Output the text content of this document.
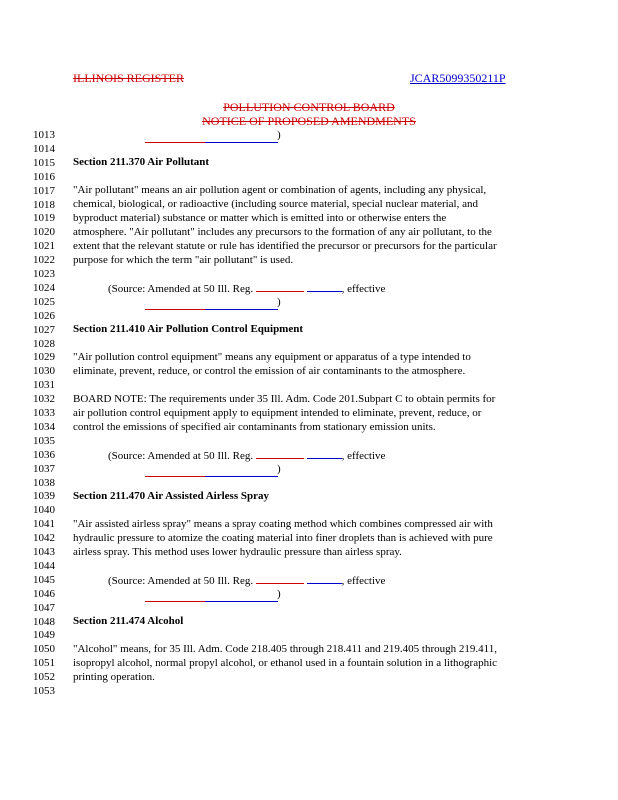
ILLINOIS REGISTER	JCAR5099350211P
POLLUTION CONTROL BOARD
NOTICE OF PROPOSED AMENDMENTS
1013
1014
1015
1016
1017
1018
1019
1020
1021
1022
1023
1024
1025
1026
1027
1028
1029
1030
1031
1032
1033
1034
1035
1036
1037
1038
1039
1040
1041
1042
1043
1044
1045
1046
1047
1048
1049
1050
1051
1052
1053
)
Section 211.370 Air Pollutant
"Air pollutant" means an air pollution agent or combination of agents, including any physical,
chemical, biological, or radioactive (including source material, special nuclear material, and
byproduct material) substance or matter which is emitted into or otherwise enters the
atmosphere. "Air pollutant" includes any precursors to the formation of any air pollutant, to the
extent that the relevant statute or rule has identified the precursor or precursors for the particular
purpose for which the term "air pollutant" is used.
(Source: Amended at 50 Ill. Reg.	, effective
)
Section 211.410 Air Pollution Control Equipment
"Air pollution control equipment" means any equipment or apparatus of a type intended to
eliminate, prevent, reduce, or control the emission of air contaminants to the atmosphere.
BOARD NOTE: The requirements under 35 Ill. Adm. Code 201.Subpart C to obtain permits for
air pollution control equipment apply to equipment intended to eliminate, prevent, reduce, or
control the emissions of specified air contaminants from stationary emission units.
(Source: Amended at 50 Ill. Reg.	, effective
)
Section 211.470 Air Assisted Airless Spray
"Air assisted airless spray" means a spray coating method which combines compressed air with
hydraulic pressure to atomize the coating material into finer droplets than is achieved with pure
airless spray. This method uses lower hydraulic pressure than airless spray.
(Source: Amended at 50 Ill. Reg.	, effective
)
Section 211.474 Alcohol
"Alcohol" means, for 35 Ill. Adm. Code 218.405 through 218.411 and 219.405 through 219.411,
isopropyl alcohol, normal propyl alcohol, or ethanol used in a fountain solution in a lithographic
printing operation.
